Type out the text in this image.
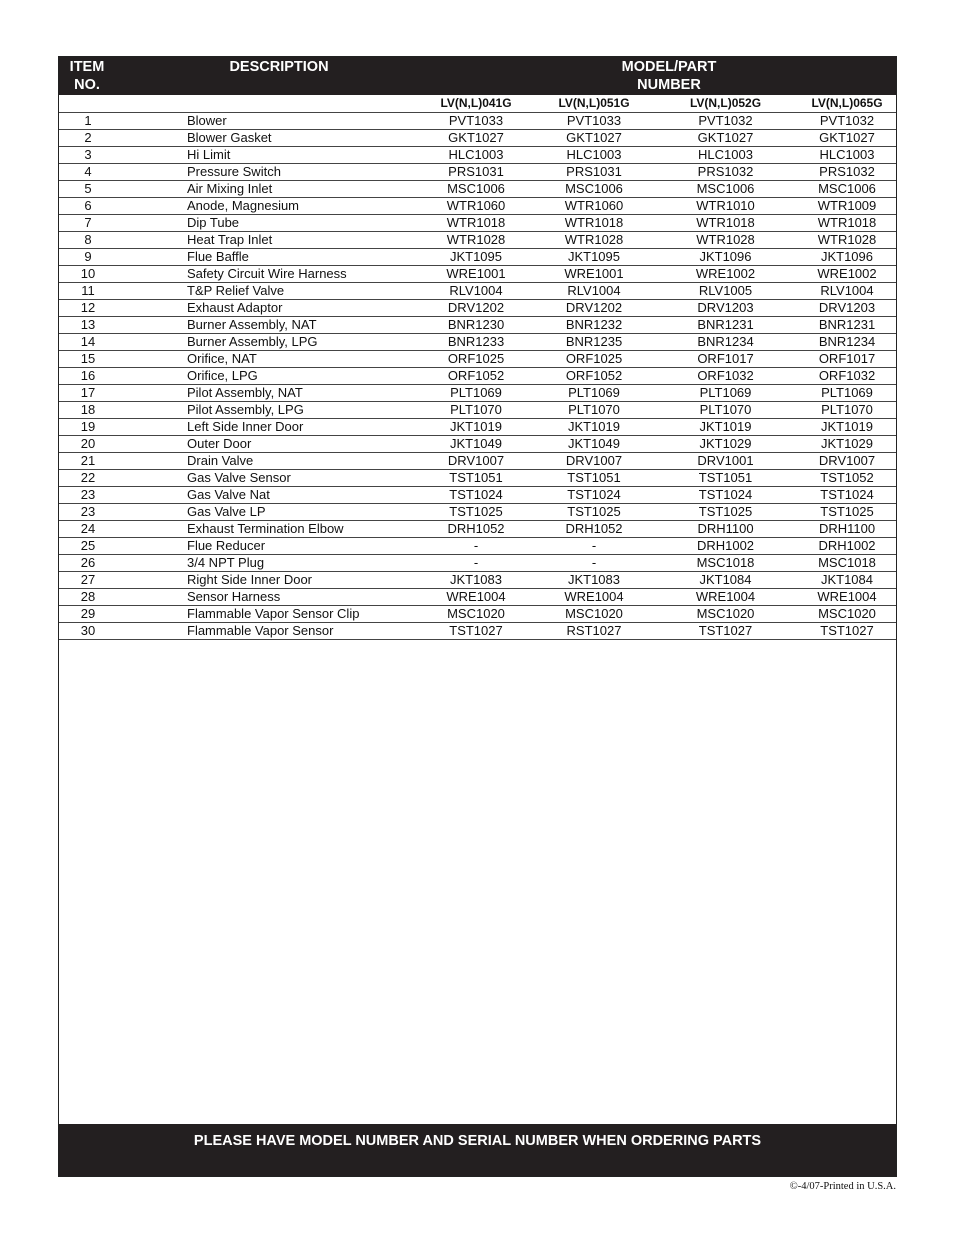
ITEM
NO.
DESCRIPTION	MODEL/PART
NUMBER
			LV(N,L)041G	LV(N,L)051G	LV(N,L)052G	LV(N,L)065G
1		Blower	PVT1033	PVT1033	PVT1032	PVT1032
2		Blower Gasket	GKT1027	GKT1027	GKT1027	GKT1027
3		Hi Limit	HLC1003	HLC1003	HLC1003	HLC1003
4		Pressure Switch	PRS1031	PRS1031	PRS1032	PRS1032
5		Air Mixing Inlet	MSC1006	MSC1006	MSC1006	MSC1006
6		Anode, Magnesium	WTR1060	WTR1060	WTR1010	WTR1009
7		Dip Tube	WTR1018	WTR1018	WTR1018	WTR1018
8		Heat Trap Inlet	WTR1028	WTR1028	WTR1028	WTR1028
9		Flue Baffle	JKT1095	JKT1095	JKT1096	JKT1096
10		Safety Circuit Wire Harness	WRE1001	WRE1001	WRE1002	WRE1002
11		T&P Relief Valve	RLV1004	RLV1004	RLV1005	RLV1004
12		Exhaust Adaptor	DRV1202	DRV1202	DRV1203	DRV1203
13		Burner Assembly, NAT	BNR1230	BNR1232	BNR1231	BNR1231
14		Burner Assembly, LPG	BNR1233	BNR1235	BNR1234	BNR1234
15		Orifice, NAT	ORF1025	ORF1025	ORF1017	ORF1017
16		Orifice, LPG	ORF1052	ORF1052	ORF1032	ORF1032
17		Pilot Assembly, NAT	PLT1069	PLT1069	PLT1069	PLT1069
18		Pilot Assembly, LPG	PLT1070	PLT1070	PLT1070	PLT1070
19		Left Side Inner Door	JKT1019	JKT1019	JKT1019	JKT1019
20		Outer Door	JKT1049	JKT1049	JKT1029	JKT1029
21		Drain Valve	DRV1007	DRV1007	DRV1001	DRV1007
22		Gas Valve Sensor	TST1051	TST1051	TST1051	TST1052
23		Gas Valve Nat	TST1024	TST1024	TST1024	TST1024
23		Gas Valve LP	TST1025	TST1025	TST1025	TST1025
24		Exhaust Termination Elbow	DRH1052	DRH1052	DRH1100	DRH1100
25		Flue Reducer	-	-	DRH1002	DRH1002
26		3/4 NPT Plug	-	-	MSC1018	MSC1018
27		Right Side Inner Door	JKT1083	JKT1083	JKT1084	JKT1084
28		Sensor Harness	WRE1004	WRE1004	WRE1004	WRE1004
29		Flammable Vapor Sensor Clip	MSC1020	MSC1020	MSC1020	MSC1020
30		Flammable Vapor Sensor	TST1027	RST1027	TST1027	TST1027
PLEASE HAVE MODEL NUMBER AND SERIAL NUMBER WHEN ORDERING PARTS
©-4/07-Printed in U.S.A.
